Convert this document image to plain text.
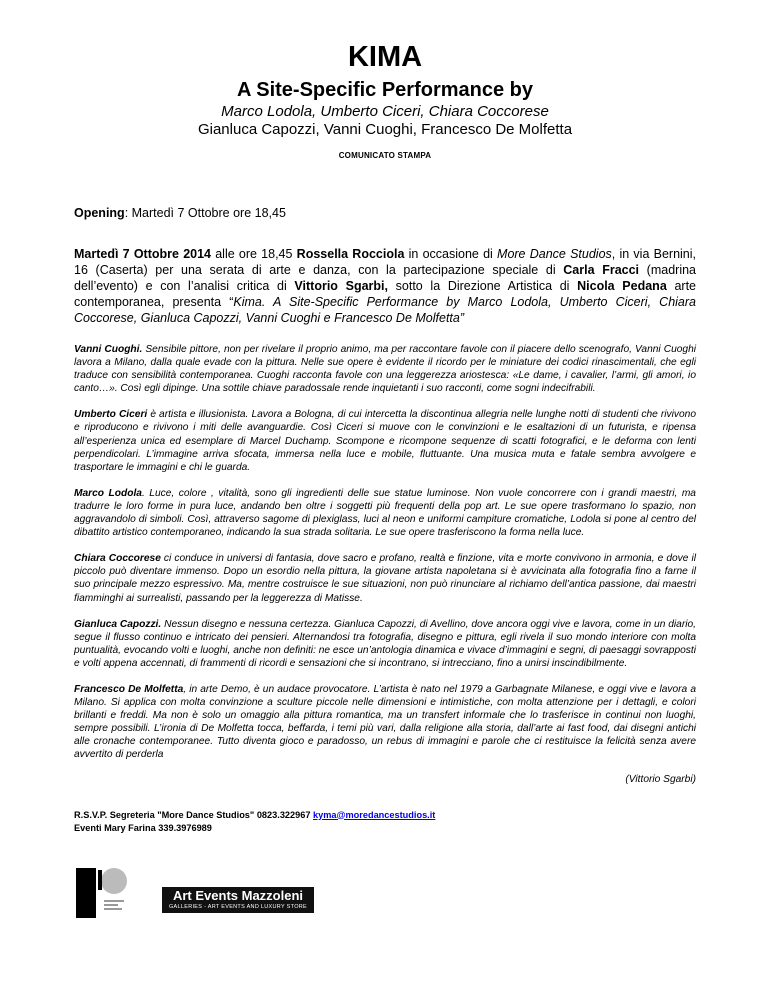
KIMA

A Site-Specific Performance by

Marco Lodola, Umberto Ciceri, Chiara Coccorese

Gianluca Capozzi, Vanni Cuoghi, Francesco De Molfetta

COMUNICATO STAMPA

Opening: Martedì 7 Ottobre ore 18,45

Martedì 7 Ottobre 2014 alle ore 18,45 Rossella Rocciola in occasione di More Dance Studios, in via Bernini, 16 (Caserta) per una serata di arte e danza, con la partecipazione speciale di Carla Fracci (madrina dell’evento) e con l’analisi critica di Vittorio Sgarbi, sotto la Direzione Artistica di Nicola Pedana arte contemporanea, presenta “Kima. A Site-Specific Performance by Marco Lodola, Umberto Ciceri, Chiara Coccorese, Gianluca Capozzi, Vanni Cuoghi e Francesco De Molfetta”

Vanni Cuoghi. Sensibile pittore, non per rivelare il proprio animo, ma per raccontare favole con il piacere dello scenografo, Vanni Cuoghi lavora a Milano, dalla quale evade con la pittura. Nelle sue opere è evidente il ricordo per le miniature dei codici rinascimentali, che egli traduce con sensibilità contemporanea. Cuoghi racconta favole con una leggerezza ariostesca: «Le dame, i cavalier, l’armi, gli amori, io canto…». Così egli dipinge. Una sottile chiave paradossale rende inquietanti i suo racconti, come sogni indecifrabili.

Umberto Ciceri è artista e illusionista. Lavora a Bologna, di cui intercetta la discontinua allegria nelle lunghe notti di studenti che rivivono e riproducono e rivivono i miti delle avanguardie. Così Ciceri si muove con le convinzioni e le esaltazioni di un futurista, e ripensa all’esperienza unica ed esemplare di Marcel Duchamp. Scompone e ricompone sequenze di scatti fotografici, e le deforma con lenti perpendicolari. L’immagine arriva sfocata, immersa nella luce e mobile, fluttuante. Una musica muta e fatale sembra avvolgere e trasportare le immagini e chi le guarda.

Marco Lodola. Luce, colore , vitalità, sono gli ingredienti delle sue statue luminose. Non vuole concorrere con i grandi maestri, ma tradurre le loro forme in pura luce, andando ben oltre i soggetti più frequenti della pop art. Le sue opere trasformano lo spazio, non aggravandolo di simboli. Così, attraverso sagome di plexiglass, luci al neon e uniformi campiture cromatiche, Lodola si pone al centro del dibattito artistico contemporaneo, indicando la sua strada solitaria. Le sue opere trasferiscono la forma nella luce.

Chiara Coccorese ci conduce in universi di fantasia, dove sacro e profano, realtà e finzione, vita e morte convivono in armonia, e dove il piccolo può diventare immenso. Dopo un esordio nella pittura, la giovane artista napoletana si è avvicinata alla fotografia fino a farne il suo principale mezzo espressivo. Ma, mentre costruisce le sue situazioni, non può rinunciare al richiamo dell’antica passione, dai maestri fiamminghi ai surrealisti, passando per la leggerezza di Matisse.

Gianluca Capozzi. Nessun disegno e nessuna certezza. Gianluca Capozzi, di Avellino, dove ancora oggi vive e lavora, come in un diario, segue il flusso continuo e intricato dei pensieri. Alternandosi tra fotografia, disegno e pittura, egli rivela il suo mondo interiore con molta puntualità, evocando volti e luoghi, anche non definiti: ne esce un’antologia dinamica e vivace d’immagini e segni, di paesaggi sovrapposti e volti appena accennati, di frammenti di ricordi e sensazioni che si incontrano, si intrecciano, fino a unirsi inscindibilmente.

Francesco De Molfetta, in arte Demo, è un audace provocatore. L’artista è nato nel 1979 a Garbagnate Milanese, e oggi vive e lavora a Milano. Si applica con molta convinzione a sculture piccole nelle dimensioni e intimistiche, con molta attenzione per i dettagli, e colori brillanti e freddi. Ma non è solo un omaggio alla pittura romantica, ma un transfert informale che lo trasferisce in continui non luoghi, sempre possibili. L’ironia di De Molfetta tocca, beffarda, i temi più vari, dalla religione alla storia, dall’arte ai fast food, dai disegni antichi alle cronache contemporanee. Tutto diventa gioco e paradosso, un rebus di immagini e parole che ci restituisce la felicità senza avere avvertito di perderla

(Vittorio Sgarbi)

R.S.V.P. Segreteria "More Dance Studios" 0823.322967 kyma@moredancestudios.it

Eventi Mary Farina 339.3976989

Art Events Mazzoleni
GALLERIES - ART EVENTS AND LUXURY STORE
